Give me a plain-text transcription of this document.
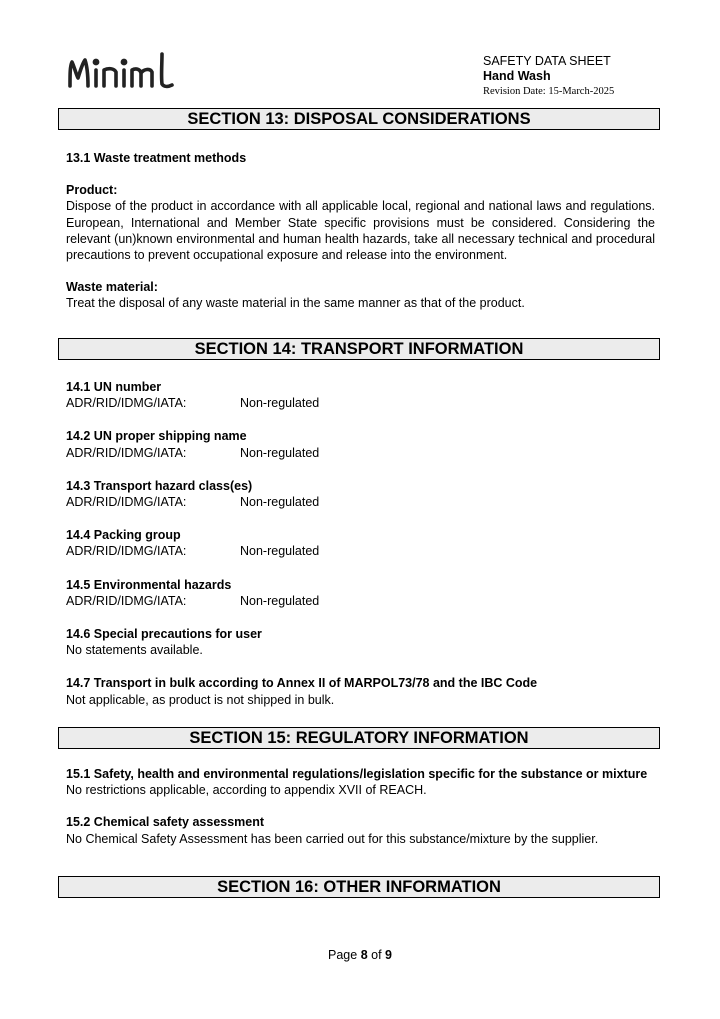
SAFETY DATA SHEET
Hand Wash
Revision Date: 15-March-2025
SECTION 13: DISPOSAL CONSIDERATIONS
13.1 Waste treatment methods
Product:
Dispose of the product in accordance with all applicable local, regional and national laws and regulations. European, International and Member State specific provisions must be considered. Considering the relevant (un)known environmental and human health hazards, take all necessary technical and procedural precautions to prevent occupational exposure and release into the environment.
Waste material:
Treat the disposal of any waste material in the same manner as that of the product.
SECTION 14: TRANSPORT INFORMATION
14.1 UN number
ADR/RID/IDMG/IATA:	Non-regulated
14.2 UN proper shipping name
ADR/RID/IDMG/IATA:	Non-regulated
14.3 Transport hazard class(es)
ADR/RID/IDMG/IATA:	Non-regulated
14.4 Packing group
ADR/RID/IDMG/IATA:	Non-regulated
14.5 Environmental hazards
ADR/RID/IDMG/IATA:	Non-regulated
14.6 Special precautions for user
No statements available.
14.7 Transport in bulk according to Annex II of MARPOL73/78 and the IBC Code
Not applicable, as product is not shipped in bulk.
SECTION 15: REGULATORY INFORMATION
15.1 Safety, health and environmental regulations/legislation specific for the substance or mixture
No restrictions applicable, according to appendix XVII of REACH.
15.2 Chemical safety assessment
No Chemical Safety Assessment has been carried out for this substance/mixture by the supplier.
SECTION 16: OTHER INFORMATION
Page 8 of 9
